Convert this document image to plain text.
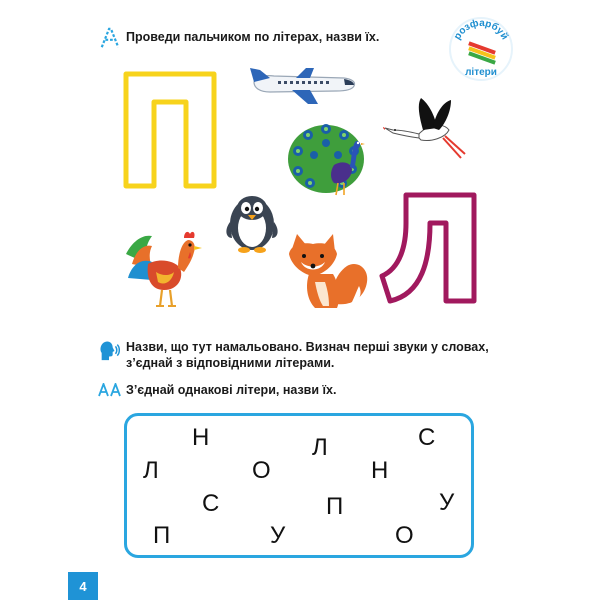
Проведи пальчиком по літерах, назви їх.	розфарбуй
літери
Назви, що тут намальовано. Визнач перші звуки у словах,
з’єднай з відповідними літерами.
З’єднай однакові літери, назви їх.
Н	Л	С
Л	О	Н
С	П	У
П	У	О
4
